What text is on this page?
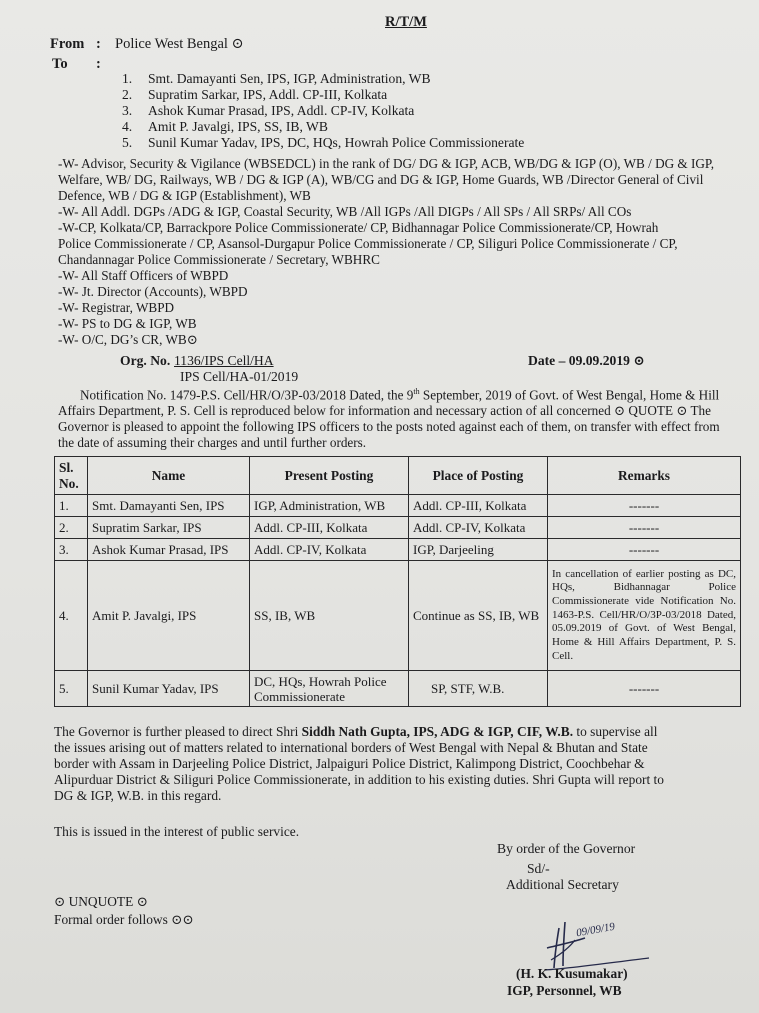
R/T/M
From : Police West Bengal ⊙
To :
1. Smt. Damayanti Sen, IPS, IGP, Administration, WB
2. Supratim Sarkar, IPS, Addl. CP-III, Kolkata
3. Ashok Kumar Prasad, IPS, Addl. CP-IV, Kolkata
4. Amit P. Javalgi, IPS, SS, IB, WB
5. Sunil Kumar Yadav, IPS, DC, HQs, Howrah Police Commissionerate
-W- Advisor, Security & Vigilance (WBSEDCL) in the rank of DG/ DG & IGP, ACB, WB/DG & IGP (O), WB / DG & IGP,
Welfare, WB/ DG, Railways, WB / DG & IGP (A), WB/CG and DG & IGP, Home Guards, WB /Director General of Civil
Defence, WB / DG & IGP (Establishment), WB
-W- All Addl. DGPs /ADG & IGP, Coastal Security, WB /All IGPs /All DIGPs / All SPs / All SRPs/ All COs
-W-CP, Kolkata/CP, Barrackpore Police Commissionerate/ CP, Bidhannagar Police Commissionerate/CP, Howrah
Police Commissionerate / CP, Asansol-Durgapur Police Commissionerate / CP, Siliguri Police Commissionerate / CP,
Chandannagar Police Commissionerate / Secretary, WBHRC
-W- All Staff Officers of WBPD
-W- Jt. Director (Accounts), WBPD
-W- Registrar, WBPD
-W- PS to DG & IGP, WB
-W- O/C, DG’s CR, WB⊙
Org. No. 1136/IPS Cell/HA
IPS Cell/HA-01/2019
Date – 09.09.2019 ⊙
Notification No. 1479-P.S. Cell/HR/O/3P-03/2018 Dated, the 9th September, 2019 of Govt. of West Bengal, Home & Hill
Affairs Department, P. S. Cell is reproduced below for information and necessary action of all concerned ⊙ QUOTE ⊙ The
Governor is pleased to appoint the following IPS officers to the posts noted against each of them, on transfer with effect from
the date of assuming their charges and until further orders.
Sl. No.	Name	Present Posting	Place of Posting	Remarks
1.	Smt. Damayanti Sen, IPS	IGP, Administration, WB	Addl. CP-III, Kolkata	-------
2.	Supratim Sarkar, IPS	Addl. CP-III, Kolkata	Addl. CP-IV, Kolkata	-------
3.	Ashok Kumar Prasad, IPS	Addl. CP-IV, Kolkata	IGP, Darjeeling	-------
4.	Amit P. Javalgi, IPS	SS, IB, WB	Continue as SS, IB, WB	In cancellation of earlier posting as DC, HQs, Bidhannagar Police Commissionerate vide Notification No. 1463-P.S. Cell/HR/O/3P-03/2018 Dated, 05.09.2019 of Govt. of West Bengal, Home & Hill Affairs Department, P. S. Cell.
5.	Sunil Kumar Yadav, IPS	DC, HQs, Howrah Police Commissionerate	SP, STF, W.B.	-------
The Governor is further pleased to direct Shri Siddh Nath Gupta, IPS, ADG & IGP, CIF, W.B. to supervise all
the issues arising out of matters related to international borders of West Bengal with Nepal & Bhutan and State
border with Assam in Darjeeling Police District, Jalpaiguri Police District, Kalimpong District, Coochbehar &
Alipurduar District & Siliguri Police Commissionerate, in addition to his existing duties. Shri Gupta will report to
DG & IGP, W.B. in this regard.
This is issued in the interest of public service.
By order of the Governor
Sd/-
Additional Secretary
⊙ UNQUOTE ⊙
Formal order follows ⊙⊙
09/09/19
(H. K. Kusumakar)
IGP, Personnel, WB
